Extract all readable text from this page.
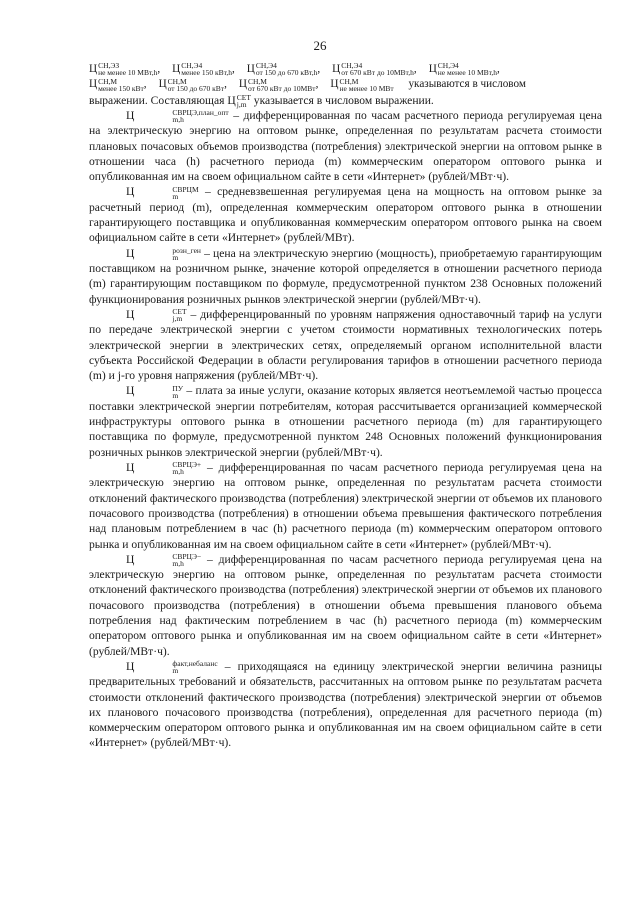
26
Ц СН,ЭЗ
не менее 10 МВт,h , Ц СН,Э4
менее 150 кВт,h , Ц СН,Э4
от 150 до 670 кВт,h , Ц СН,Э4
от 670 кВт до 10МВт,h , Ц СН,Э4
не менее 10 МВт,h ,
Ц СН,М
менее 150 кВт , Ц СН,М
от 150 до 670 кВт , Ц СН,М
от 670 кВт до 10МВт , Ц СН,М
не менее 10 МВт указываются в числовом

выражении. Составляющая Ц СЕТ
j,m указывается в числовом выражении.

Ц	СВРЦЭ,план_опт
m,h	– дифференцированная по часам расчетного периода регулируемая цена на электрическую энергию на оптовом рынке, определенная по результатам расчета стоимости плановых почасовых объемов производства (потребления) электрической энергии на оптовом рынке в отношении часа (h) расчетного периода (m) коммерческим оператором оптового рынка и опубликованная им на своем официальном сайте в сети «Интернет» (рублей/МВт·ч).

Ц	СВРЦМ
m	– средневзвешенная регулируемая цена на мощность на оптовом рынке за расчетный период (m), определенная коммерческим оператором оптового рынка в отношении гарантирующего поставщика и опубликованная коммерческим оператором оптового рынка на своем официальном сайте в сети «Интернет» (рублей/МВт).

Ц	розн_ген
m	– цена на электрическую энергию (мощность), приобретаемую гарантирующим поставщиком на розничном рынке, значение которой определяется в отношении расчетного периода (m) гарантирующим поставщиком по формуле, предусмотренной пунктом 238 Основных положений функционирования розничных рынков электрической энергии (рублей/МВт·ч).

Ц	СЕТ
j,m – дифференцированный по уровням напряжения одноставочный тариф на услуги по передаче электрической энергии с учетом стоимости нормативных технологических потерь электрической энергии в электрических сетях, определяемый органом исполнительной власти субъекта Российской Федерации в области регулирования тарифов в отношении расчетного периода (m) и j-го уровня напряжения (рублей/МВт·ч).

Ц	ПУ
m – плата за иные услуги, оказание которых является неотъемлемой частью процесса поставки электрической энергии потребителям, которая рассчитывается организацией коммерческой инфраструктуры оптового рынка в отношении расчетного периода (m) для гарантирующего поставщика по формуле, предусмотренной пунктом 248 Основных положений функционирования розничных рынков электрической энергии (рублей/МВт·ч).

Ц	СВРЦЭ+
m,h	– дифференцированная по часам расчетного периода регулируемая цена на электрическую энергию на оптовом рынке, определенная по результатам расчета стоимости отклонений фактического производства (потребления) электрической энергии от объемов их планового почасового производства (потребления) в отношении объема превышения фактического потребления над плановым потреблением в час (h) расчетного периода (m) коммерческим оператором оптового рынка и опубликованная им на своем официальном сайте в сети «Интернет» (рублей/МВт·ч).

Ц	СВРЦЭ−
m,h	– дифференцированная по часам расчетного периода регулируемая цена на электрическую энергию на оптовом рынке, определенная по результатам расчета стоимости отклонений фактического производства (потребления) электрической энергии от объемов их планового почасового производства (потребления) в отношении объема превышения планового объема потребления над фактическим потреблением в час (h) расчетного периода (m) коммерческим оператором оптового рынка и опубликованная им на своем официальном сайте в сети «Интернет» (рублей/МВт·ч).

Ц	факт,небаланс
m	– приходящаяся на единицу электрической энергии величина разницы предварительных требований и обязательств, рассчитанных на оптовом рынке по результатам расчета стоимости отклонений фактического производства (потребления) электрической энергии от объемов их планового почасового производства (потребления), определенная для расчетного периода (m) коммерческим оператором оптового рынка и опубликованная им на своем официальном сайте в сети «Интернет» (рублей/МВт·ч).
